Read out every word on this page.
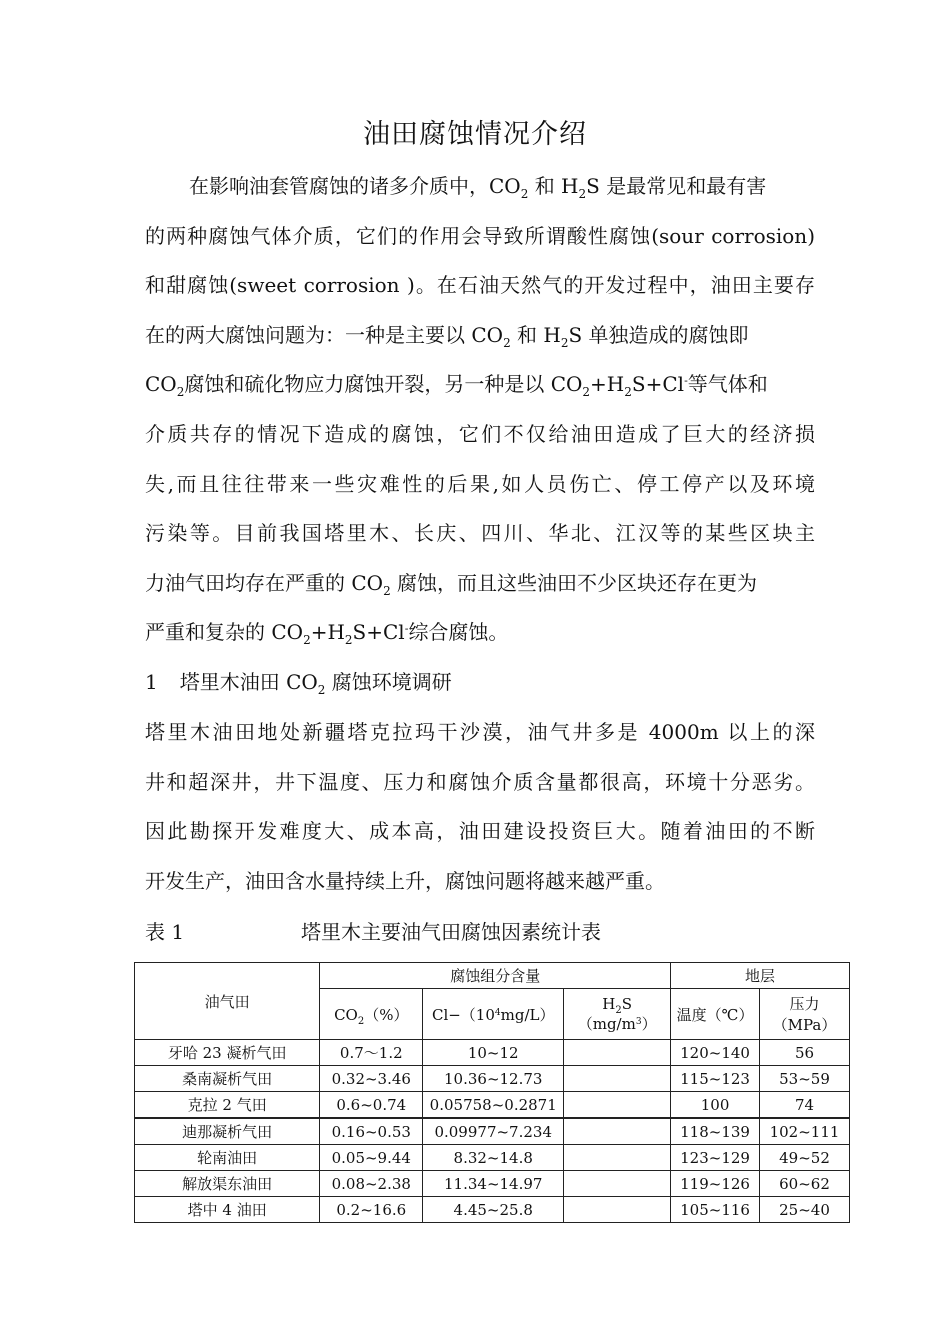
油田腐蚀情况介绍
在影响油套管腐蚀的诸多介质中，$CO_2$ 和 $H_2S$ 是最常见和最有害
的两种腐蚀气体介质，它们的作用会导致所谓酸性腐蚀(sour corrosion)
和甜腐蚀(sweet corrosion )。在石油天然气的开发过程中，油田主要存
在的两大腐蚀问题为：一种是主要以 $CO_2$ 和 $H_2S$ 单独造成的腐蚀即
$CO_2$腐蚀和硫化物应力腐蚀开裂，另一种是以 $CO_2+H_2S+Cl^-$等气体和
介质共存的情况下造成的腐蚀，它们不仅给油田造成了巨大的经济损
失,而且往往带来一些灾难性的后果,如人员伤亡、停工停产以及环境
污染等。目前我国塔里木、长庆、四川、华北、江汉等的某些区块主
力油气田均存在严重的 $CO_2$ 腐蚀，而且这些油田不少区块还存在更为
严重和复杂的 $CO_2+H_2S+Cl^-$综合腐蚀。
1 塔里木油田 $CO_2$ 腐蚀环境调研
塔里木油田地处新疆塔克拉玛干沙漠，油气井多是 4000m 以上的深
井和超深井，井下温度、压力和腐蚀介质含量都很高，环境十分恶劣。
因此勘探开发难度大、成本高，油田建设投资巨大。随着油田的不断
开发生产，油田含水量持续上升，腐蚀问题将越来越严重。
表 1	塔里木主要油气田腐蚀因素统计表
油气田	腐蚀组分含量			地层	
	$CO_2(\%)$	$Cl-(10^4mg/L)$	$H_2S(mg/m^3)$	温度（℃）	压力
（MPa）
牙哈 23 凝析气田	0.7～1.2	10~12		120~140	56
桑南凝析气田	0.32~3.46	10.36~12.73		115~123	53~59
克拉 2 气田	0.6~0.74	0.05758~0.2871		100	74
迪那凝析气田	0.16~0.53	0.09977~7.234		118~139	102~111
轮南油田	0.05~9.44	8.32~14.8		123~129	49~52
解放渠东油田	0.08~2.38	11.34~14.97		119~126	60~62
塔中 4 油田	0.2~16.6	4.45~25.8		105~116	25~40
